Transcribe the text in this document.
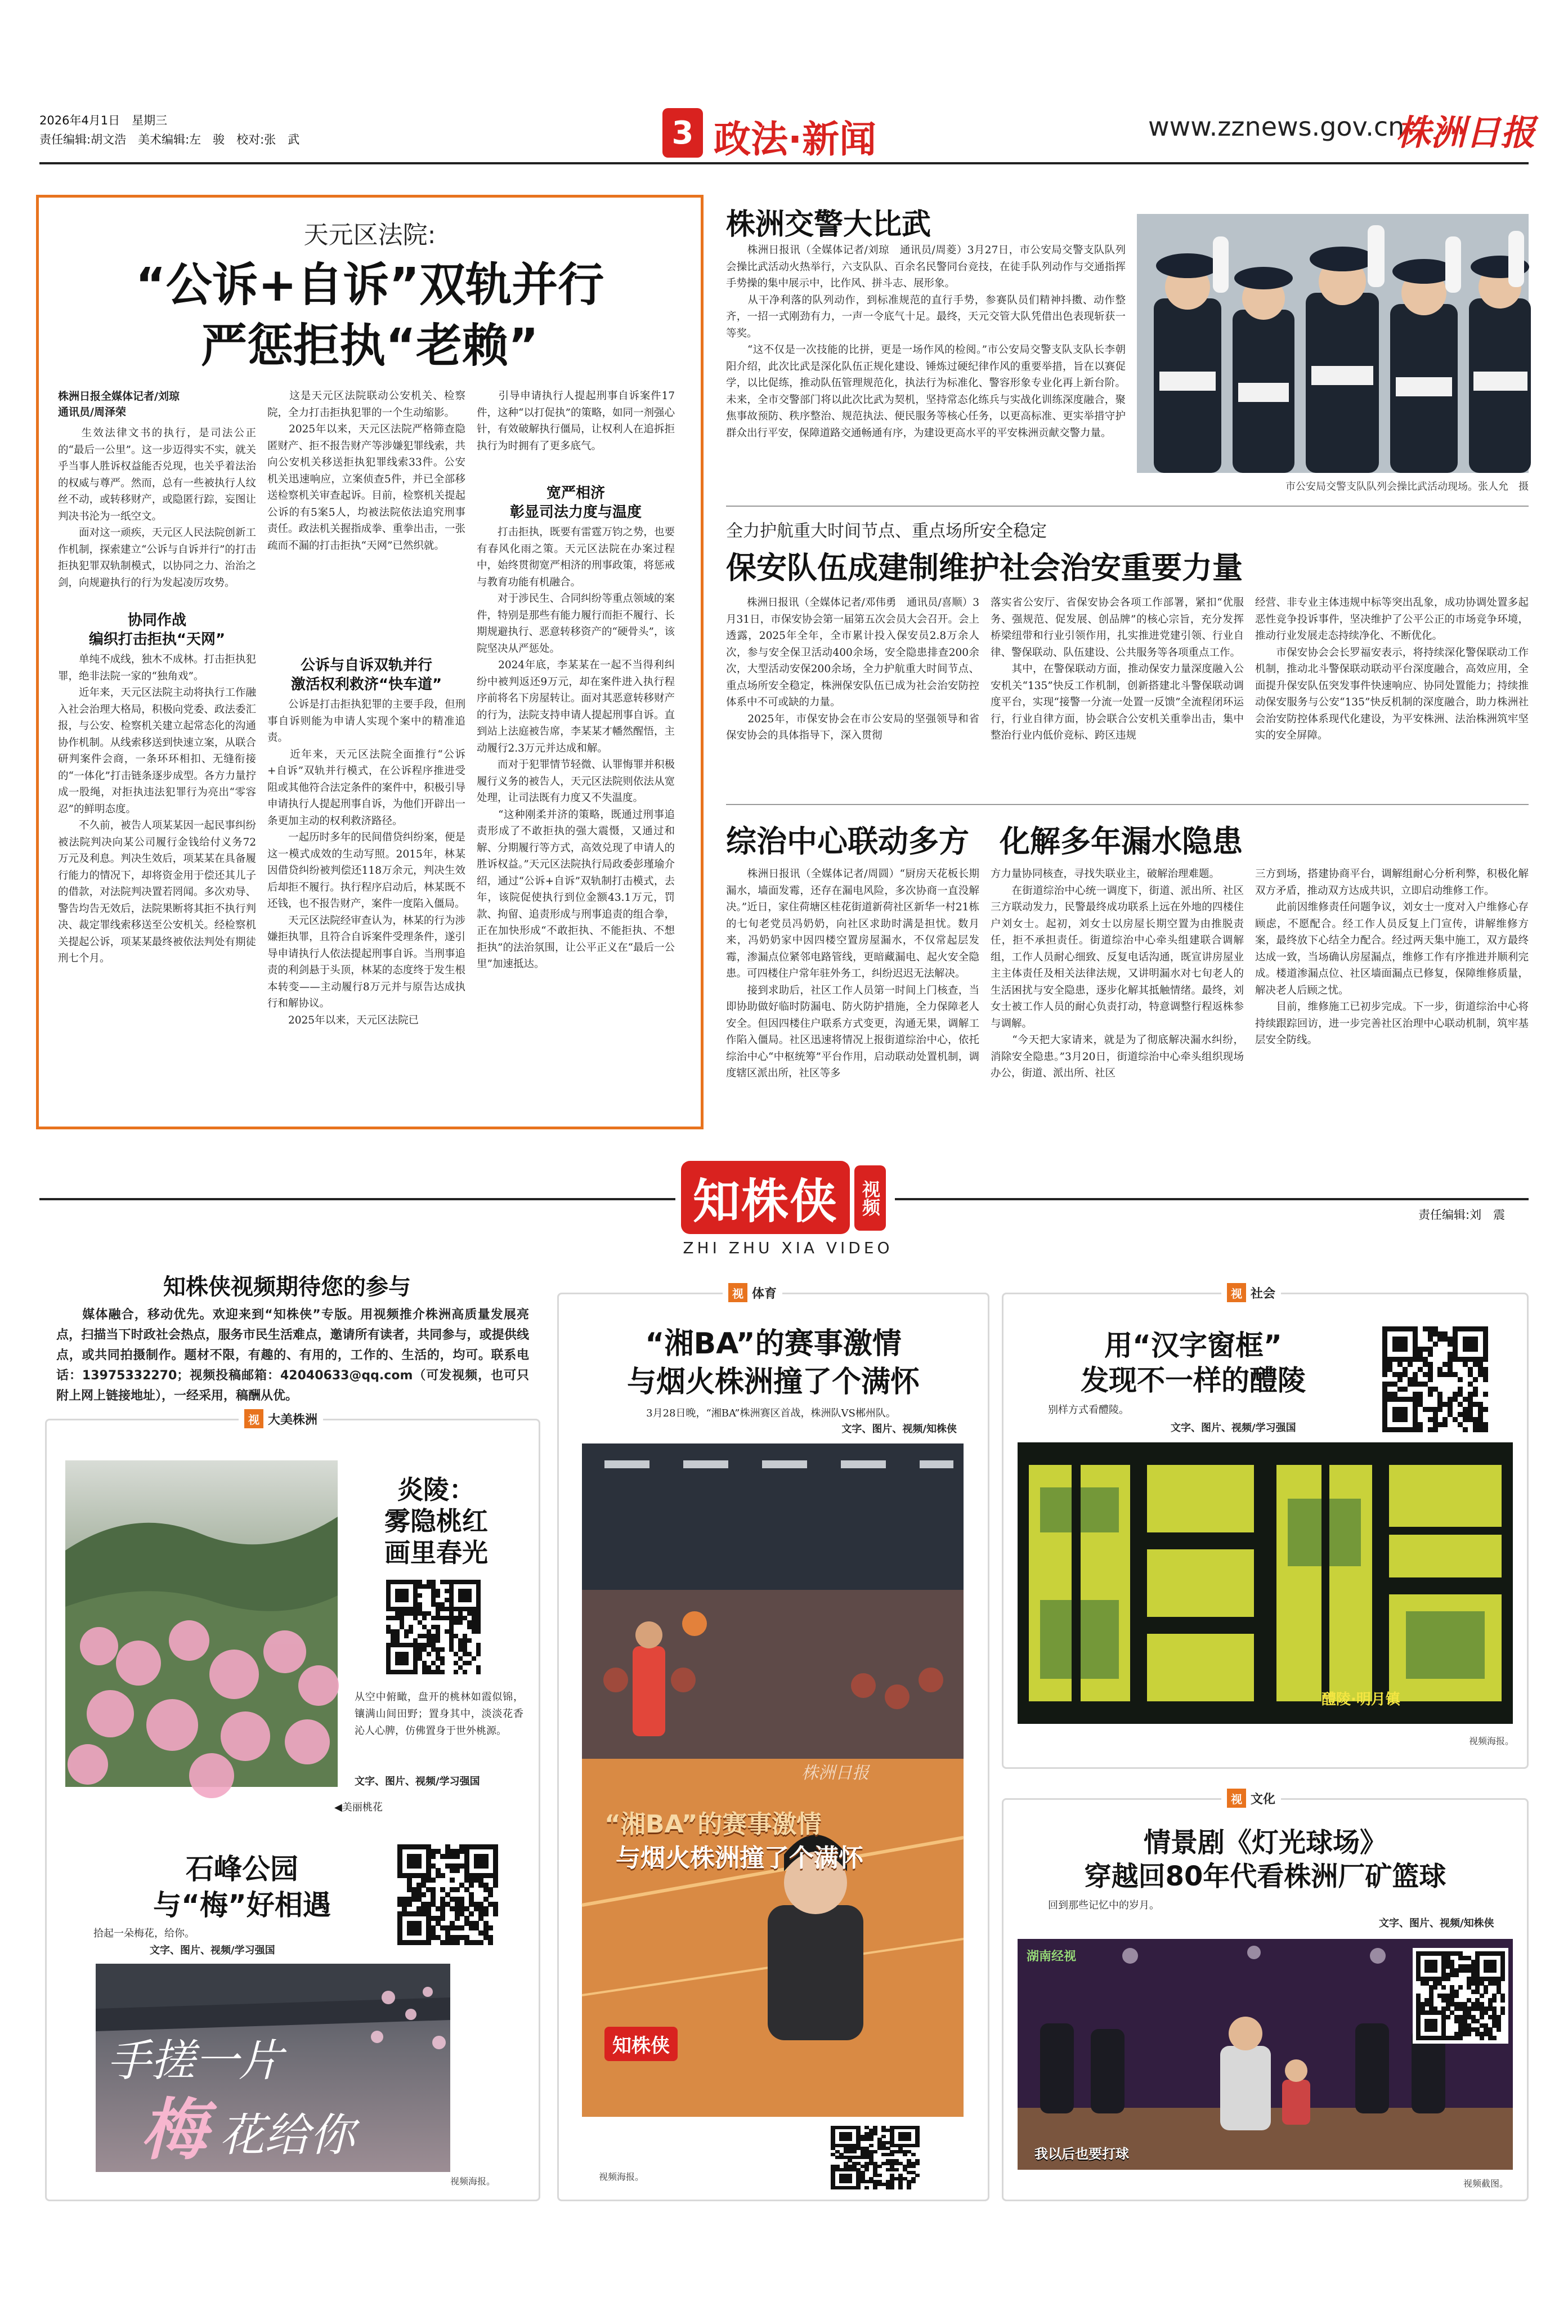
2026年4月1日　星期三
责任编辑:胡文浩　美术编辑:左　骏　校对:张　武	3 政法·新闻	www.zznews.gov.cn
株洲日报
天元区法院:
“公诉+自诉”双轨并行
严惩拒执“老赖”
株洲日报全媒体记者/刘琼
通讯员/周泽荣
　　生效法律文书的执行，是司法公正的“最后一公里”。这一步迈得实不实，就关乎当事人胜诉权益能否兑现，也关乎着法治的权威与尊严。然而，总有一些被执行人纹丝不动，或转移财产，或隐匿行踪，妄图让判决书沦为一纸空文。
　　面对这一顽疾，天元区人民法院创新工作机制，探索建立“公诉与自诉并行”的打击拒执犯罪双轨制模式，以协同之力、治治之剑，向规避执行的行为发起凌厉攻势。
协同作战
编织打击拒执“天网”
　　单纯不成线，独木不成林。打击拒执犯罪，绝非法院一家的“独角戏”。
　　近年来，天元区法院主动将执行工作融入社会治理大格局，积极向党委、政法委汇报，与公安、检察机关建立起常态化的沟通协作机制。从线索移送到快速立案，从联合研判案件会商，一条环环相扣、无缝衔接的“一体化”打击链条逐步成型。各方力量拧成一股绳，对拒执违法犯罪行为亮出“零容忍”的鲜明态度。
　　不久前，被告人项某某因一起民事纠纷被法院判决向某公司履行金钱给付义务72万元及利息。判决生效后，项某某在具备履行能力的情况下，却将资金用于偿还其儿子的借款，对法院判决置若罔闻。多次劝导、警告均告无效后，法院果断将其拒不执行判决、裁定罪线索移送至公安机关。经检察机关提起公诉，项某某最终被依法判处有期徒刑七个月。
　　这是天元区法院联动公安机关、检察院，全力打击拒执犯罪的一个生动缩影。
　　2025年以来，天元区法院严格筛查隐匿财产、拒不报告财产等涉嫌犯罪线索，共向公安机关移送拒执犯罪线索33件。公安机关迅速响应，立案侦查5件，并已全部移送检察机关审查起诉。目前，检察机关提起公诉的有5案5人，均被法院依法追究刑事责任。政法机关握指成拳、重拳出击，一张疏而不漏的打击拒执“天网”已然织就。
公诉与自诉双轨并行
激活权利救济“快车道”
　　公诉是打击拒执犯罪的主要手段，但刑事自诉则能为申请人实现个案中的精准追责。
　　近年来，天元区法院全面推行“公诉+自诉”双轨并行模式，在公诉程序推进受阻或其他符合法定条件的案件中，积极引导申请执行人提起刑事自诉，为他们开辟出一条更加主动的权利救济路径。
　　一起历时多年的民间借贷纠纷案，便是这一模式成效的生动写照。2015年，林某因借贷纠纷被判偿还118万余元，判决生效后却拒不履行。执行程序启动后，林某既不还钱，也不报告财产，案件一度陷入僵局。
　　天元区法院经审查认为，林某的行为涉嫌拒执罪，且符合自诉案件受理条件，遂引导申请执行人依法提起刑事自诉。当刑事追责的利剑悬于头顶，林某的态度终于发生根本转变——主动履行8万元并与原告达成执行和解协议。
　　2025年以来，天元区法院已
　　引导申请执行人提起刑事自诉案件17件，这种“以打促执”的策略，如同一剂强心针，有效破解执行僵局，让权利人在追拆拒执行为时拥有了更多底气。
宽严相济
彰显司法力度与温度
　　打击拒执，既要有雷霆万钧之势，也要有春风化雨之策。天元区法院在办案过程中，始终贯彻宽严相济的刑事政策，将惩戒与教育功能有机融合。
　　对于涉民生、合同纠纷等重点领域的案件，特别是那些有能力履行而拒不履行、长期规避执行、恶意转移资产的“硬骨头”，该院坚决从严惩处。
　　2024年底，李某某在一起不当得利纠纷中被判返还9万元，却在案件进入执行程序前将名下房屋转让。面对其恶意转移财产的行为，法院支持申请人提起刑事自诉。直到站上法庭被告席，李某某才幡然醒悟，主动履行2.3万元并达成和解。
　　而对于犯罪情节轻微、认罪悔罪并积极履行义务的被告人，天元区法院则依法从宽处理，让司法既有力度又不失温度。
　　“这种刚柔并济的策略，既通过刑事追责形成了不敢拒执的强大震慑，又通过和解、分期履行等方式，高效兑现了申请人的胜诉权益。”天元区法院执行局政委彭瑾瑜介绍，通过“公诉+自诉”双轨制打击模式，去年，该院促使执行到位金额43.1万元，罚款、拘留、追责形成与刑事追责的组合拳，正在加快形成“不敢拒执、不能拒执、不想拒执”的法治氛围，让公平正义在“最后一公里”加速抵达。
株洲交警大比武
　　株洲日报讯（全媒体记者/刘琼　通讯员/周菱）3月27日，市公安局交警支队队列会操比武活动火热举行，六支队队、百余名民警同台竞技，在徒手队列动作与交通指挥手势操的集中展示中，比作风、拼斗志、展形象。
　　从干净利落的队列动作，到标准规范的直行手势，参赛队员们精神抖擞、动作整齐，一招一式刚劲有力，一声一令底气十足。最终，天元交管大队凭借出色表现斩获一等奖。
　　“这不仅是一次技能的比拼，更是一场作风的检阅。”市公安局交警支队支队长李朝阳介绍，此次比武是深化队伍正规化建设、锤炼过硬纪律作风的重要举措，旨在以赛促学，以比促练，推动队伍管理规范化，执法行为标准化、警容形象专业化再上新台阶。未来，全市交警部门将以此次比武为契机，坚持常态化练兵与实战化训练深度融合，聚焦事故预防、秩序整治、规范执法、便民服务等核心任务，以更高标准、更实举措守护群众出行平安，保障道路交通畅通有序，为建设更高水平的平安株洲贡献交警力量。
市公安局交警支队队列会操比武活动现场。张人允　摄
全力护航重大时间节点、重点场所安全稳定
保安队伍成建制维护社会治安重要力量
　　株洲日报讯（全媒体记者/邓伟勇　通讯员/喜顺）3月31日，市保安协会第一届第五次会员大会召开。会上透露，2025年全年，全市累计投入保安员2.8万余人次，参与安全保卫活动400余场，安全隐患排查200余次，大型活动安保200余场，全力护航重大时间节点、重点场所安全稳定，株洲保安队伍已成为社会治安防控体系中不可或缺的力量。
　　2025年，市保安协会在市公安局的坚强领导和省保安协会的具体指导下，深入贯彻
落实省公安厅、省保安协会各项工作部署，紧扣“优服务、强规范、促发展、创品牌”的核心宗旨，充分发挥桥梁纽带和行业引领作用，扎实推进党建引领、行业自律、警保联动、队伍建设、公共服务等各项重点工作。
　　其中，在警保联动方面，推动保安力量深度融入公安机关“135”快反工作机制，创新搭建北斗警保联动调度平台，实现“接警一分流一处置一反馈”全流程闭环运行，行业自律方面，协会联合公安机关重拳出击，集中整治行业内低价竞标、跨区违规
经营、非专业主体违规中标等突出乱象，成功协调处置多起恶性竞争投诉事件，坚决维护了公平公正的市场竞争环境，推动行业发展走态持续净化、不断优化。
　　市保安协会会长罗福安表示，将持续深化警保联动工作机制，推动北斗警保联动联动平台深度融合，高效应用，全面提升保安队伍突发事件快速响应、协同处置能力；持续推动保安服务与公安“135”快反机制的深度融合，助力株洲社会治安防控体系现代化建设，为平安株洲、法治株洲筑牢坚实的安全屏障。
综治中心联动多方　化解多年漏水隐患
　　株洲日报讯（全媒体记者/周圆）“厨房天花板长期漏水，墙面发霉，还存在漏电风险，多次协商一直没解决。”近日，家住荷塘区桂花街道新荷社区新华一村21栋的七旬老党员冯奶奶，向社区求助时满是担忧。数月来，冯奶奶家中因四楼空置房屋漏水，不仅常起层发霉，渗漏点位紧邻电路管线，更暗藏漏电、起火安全隐患。可四楼住户常年驻外务工，纠纷迟迟无法解决。
　　接到求助后，社区工作人员第一时间上门核查，当即协助做好临时防漏电、防火防护措施，全力保障老人安全。但因四楼住户联系方式变更，沟通无果，调解工作陷入僵局。社区迅速将情况上报街道综治中心，依托综治中心“中枢统筹”平台作用，启动联动处置机制，调度辖区派出所，社区等多
方力量协同核查，寻找失联业主，破解治理难题。
　　在街道综治中心统一调度下，街道、派出所、社区三方联动发力，民警最终成功联系上远在外地的四楼住户刘女士。起初，刘女士以房屋长期空置为由推脱责任，拒不承担责任。街道综治中心牵头组建联合调解组，工作人员耐心细致、反复电话沟通，既宣讲房屋业主主体责任及相关法律法规，又讲明漏水对七旬老人的生活困扰与安全隐患，逐步化解其抵触情绪。最终，刘女士被工作人员的耐心负责打动，特意调整行程返株参与调解。
　　“今天把大家请来，就是为了彻底解决漏水纠纷，消除安全隐患。”3月20日，街道综治中心牵头组织现场办公，街道、派出所、社区
三方到场，搭建协商平台，调解组耐心分析利弊，积极化解双方矛盾，推动双方达成共识，立即启动维修工作。
　　此前因维修责任问题争议，刘女士一度对入户维修心存顾虑，不愿配合。经工作人员反复上门宣传，讲解维修方案，最终放下心结全力配合。经过两天集中施工，双方最终达成一致，当场确认房屋漏点，维修工作有序推进并顺利完成。楼道渗漏点位、社区墙面漏点已修复，保障维修质量，解决老人后顾之忧。
　　目前，维修施工已初步完成。下一步，街道综治中心将持续跟踪回访，进一步完善社区治理中心联动机制，筑牢基层安全防线。
知株侠 视频
ZHI ZHU XIA VIDEO
责任编辑:刘　震
知株侠视频期待您的参与
　　媒体融合，移动优先。欢迎来到“知株侠”专版。用视频推介株洲高质量发展亮点，扫描当下时政社会热点，服务市民生活难点，邀请所有读者，共同参与，或提供线点，或共同拍摄制作。题材不限，有趣的、有用的，工作的、生活的，均可。联系电话：13975332270；视频投稿邮箱：42040633@qq.com（可发视频，也可只附上网上链接地址），一经采用，稿酬从优。
视 大美株洲
炎陵：
雾隐桃红
画里春光
从空中俯瞰，盘开的桃林如霞似锦，镶满山间田野；置身其中，淡淡花香沁人心脾，仿佛置身于世外桃源。
文字、图片、视频/学习强国
◀美丽桃花
石峰公园
与“梅”好相遇
拾起一朵梅花，给你。
文字、图片、视频/学习强国
手搓一片
梅 花给你
视频海报。
视 体育
“湘BA”的赛事激情
与烟火株洲撞了个满怀
3月28日晚，“湘BA”株洲赛区首战，株洲队VS郴州队。
文字、图片、视频/知株侠
“湘BA”的赛事激情
与烟火株洲撞了个满怀
株洲日报
知株侠
视频海报。
视 社会
用“汉字窗框”
发现不一样的醴陵
别样方式看醴陵。
文字、图片、视频/学习强国
醴陵·明月镇
视频海报。
视 文化
情景剧《灯光球场》
穿越回80年代看株洲厂矿篮球
回到那些记忆中的岁月。
文字、图片、视频/知株侠
湖南经视
我以后也要打球
视频截图。
